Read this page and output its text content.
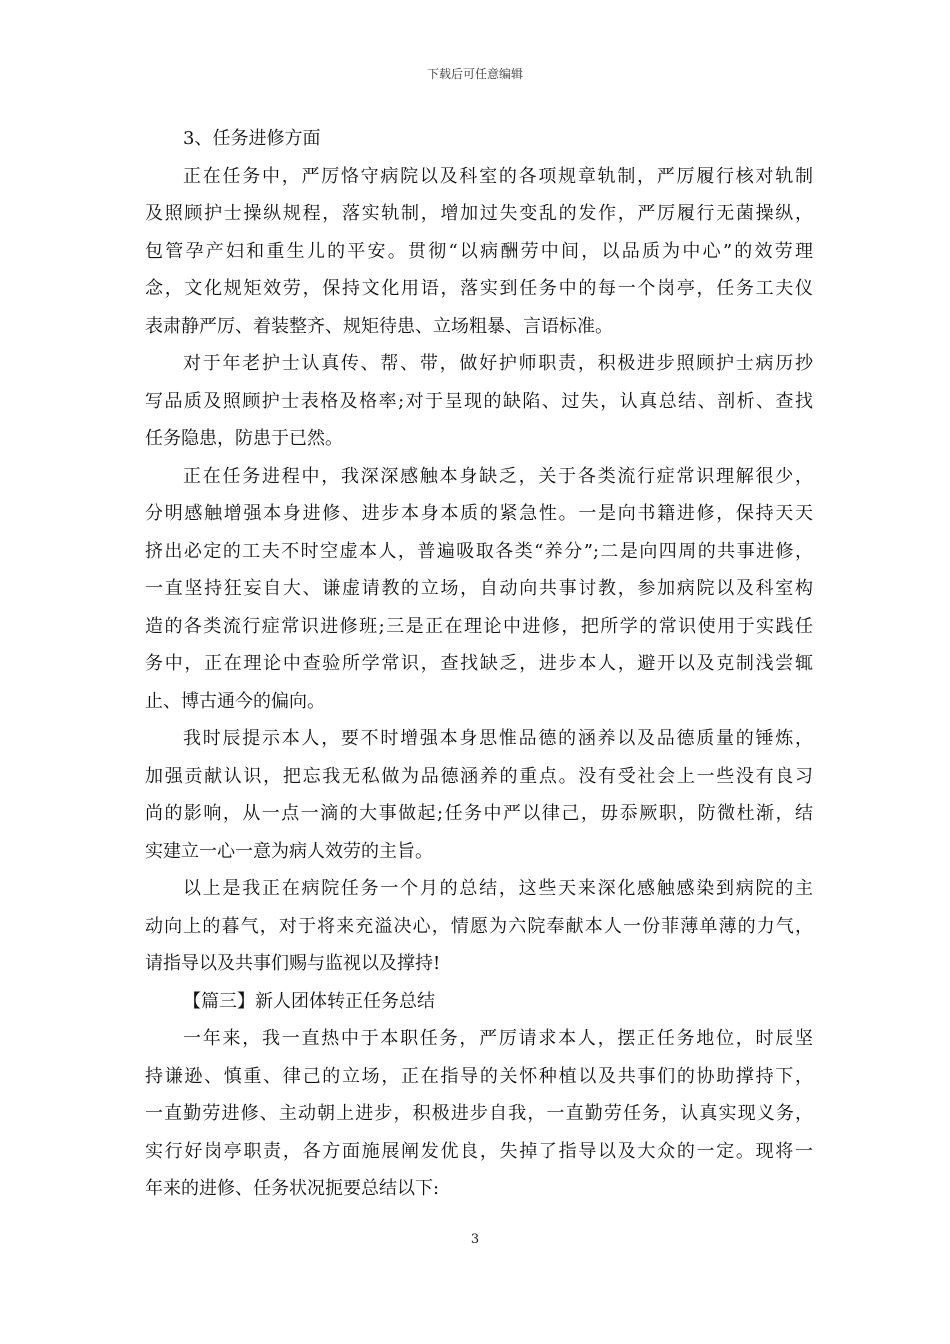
下载后可任意编辑
3、任务进修方面
正在任务中，严厉恪守病院以及科室的各项规章轨制，严厉履行核对轨制
及照顾护士操纵规程，落实轨制，增加过失变乱的发作，严厉履行无菌操纵，
包管孕产妇和重生儿的平安。贯彻“以病酬劳中间，以品质为中心”的效劳理
念，文化规矩效劳，保持文化用语，落实到任务中的每一个岗亭，任务工夫仪
表肃静严厉、着装整齐、规矩待患、立场粗暴、言语标准。
对于年老护士认真传、帮、带，做好护师职责，积极进步照顾护士病历抄
写品质及照顾护士表格及格率;对于呈现的缺陷、过失，认真总结、剖析、查找
任务隐患，防患于已然。
正在任务进程中，我深深感触本身缺乏，关于各类流行症常识理解很少，
分明感触增强本身进修、进步本身本质的紧急性。一是向书籍进修，保持天天
挤出必定的工夫不时空虚本人，普遍吸取各类“养分”;二是向四周的共事进修，
一直坚持狂妄自大、谦虚请教的立场，自动向共事讨教，参加病院以及科室构
造的各类流行症常识进修班;三是正在理论中进修，把所学的常识使用于实践任
务中，正在理论中查验所学常识，查找缺乏，进步本人，避开以及克制浅尝辄
止、博古通今的偏向。
我时辰提示本人，要不时增强本身思惟品德的涵养以及品德质量的锤炼，
加强贡献认识，把忘我无私做为品德涵养的重点。没有受社会上一些没有良习
尚的影响，从一点一滴的大事做起;任务中严以律己，毋忝厥职，防微杜渐，结
实建立一心一意为病人效劳的主旨。
以上是我正在病院任务一个月的总结，这些天来深化感触感染到病院的主
动向上的暮气，对于将来充溢决心，情愿为六院奉献本人一份菲薄单薄的力气，
请指导以及共事们赐与监视以及撑持!
【篇三】新人团体转正任务总结
一年来，我一直热中于本职任务，严厉请求本人，摆正任务地位，时辰坚
持谦逊、慎重、律己的立场，正在指导的关怀种植以及共事们的协助撑持下，
一直勤劳进修、主动朝上进步，积极进步自我，一直勤劳任务，认真实现义务，
实行好岗亭职责，各方面施展阐发优良，失掉了指导以及大众的一定。现将一
年来的进修、任务状况扼要总结以下:
3
